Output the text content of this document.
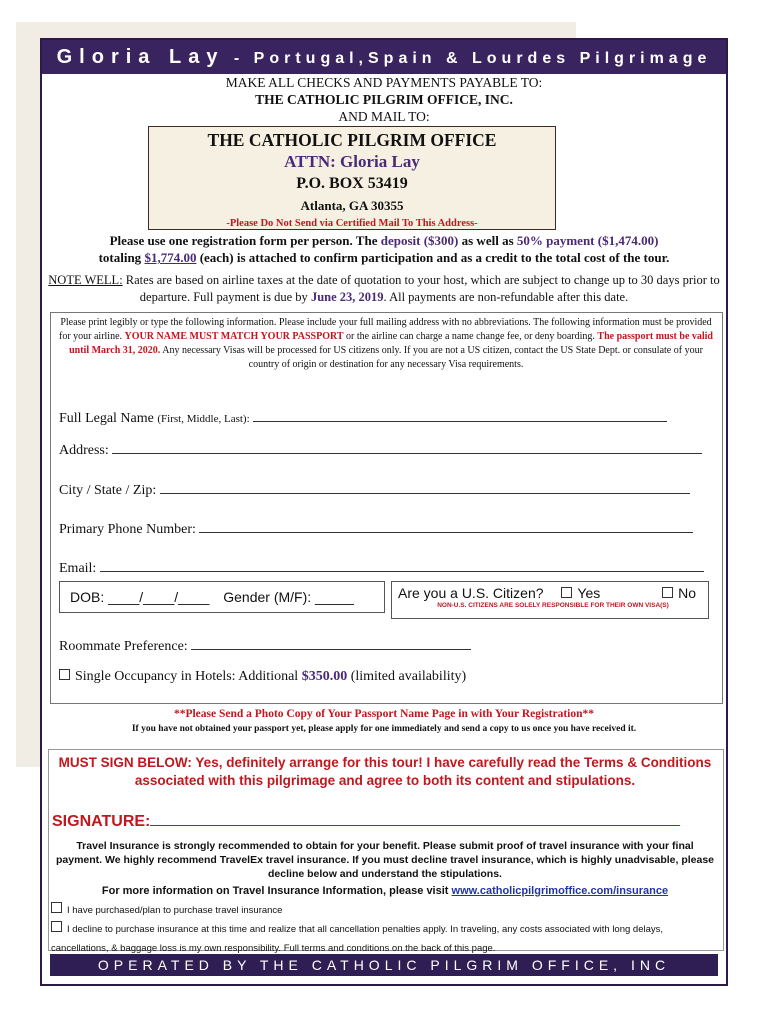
Gloria Lay - Portugal,Spain & Lourdes Pilgrimage
MAKE ALL CHECKS AND PAYMENTS PAYABLE TO:
THE CATHOLIC PILGRIM OFFICE, INC.
AND MAIL TO:
THE CATHOLIC PILGRIM OFFICE
ATTN: Gloria Lay
P.O. BOX 53419
Atlanta, GA 30355
-Please Do Not Send via Certified Mail To This Address-
Please use one registration form per person. The deposit ($300) as well as 50% payment ($1,474.00)
totaling $1,774.00 (each) is attached to confirm participation and as a credit to the total cost of the tour.
NOTE WELL: Rates are based on airline taxes at the date of quotation to your host, which are subject to change up to 30 days prior to departure. Full payment is due by June 23, 2019. All payments are non-refundable after this date.
Please print legibly or type the following information. Please include your full mailing address with no abbreviations. The following information must be provided for your airline. YOUR NAME MUST MATCH YOUR PASSPORT or the airline can charge a name change fee, or deny boarding. The passport must be valid until March 31, 2020. Any necessary Visas will be processed for US citizens only. If you are not a US citizen, contact the US State Dept. or consulate of your country of origin or destination for any necessary Visa requirements.
Full Legal Name (First, Middle, Last):
Address:
City / State / Zip:
Primary Phone Number:
Email:
DOB: ____/____/____ Gender (M/F): _____	Are you a U.S. Citizen? Yes	No
NON-U.S. CITIZENS ARE SOLELY RESPONSIBLE FOR THEIR OWN VISA(S)
Roommate Preference:
Single Occupancy in Hotels: Additional $350.00 (limited availability)
**Please Send a Photo Copy of Your Passport Name Page in with Your Registration**
If you have not obtained your passport yet, please apply for one immediately and send a copy to us once you have received it.
MUST SIGN BELOW: Yes, definitely arrange for this tour! I have carefully read the Terms & Conditions associated with this pilgrimage and agree to both its content and stipulations.
SIGNATURE:
Travel Insurance is strongly recommended to obtain for your benefit. Please submit proof of travel insurance with your final payment. We highly recommend TravelEx travel insurance. If you must decline travel insurance, which is highly unadvisable, please decline below and understand the stipulations.
For more information on Travel Insurance Information, please visit www.catholicpilgrimoffice.com/insurance
I have purchased/plan to purchase travel insurance
I decline to purchase insurance at this time and realize that all cancellation penalties apply. In traveling, any costs associated with long delays, cancellations, & baggage loss is my own responsibility. Full terms and conditions on the back of this page.
OPERATED BY THE CATHOLIC PILGRIM OFFICE, INC
